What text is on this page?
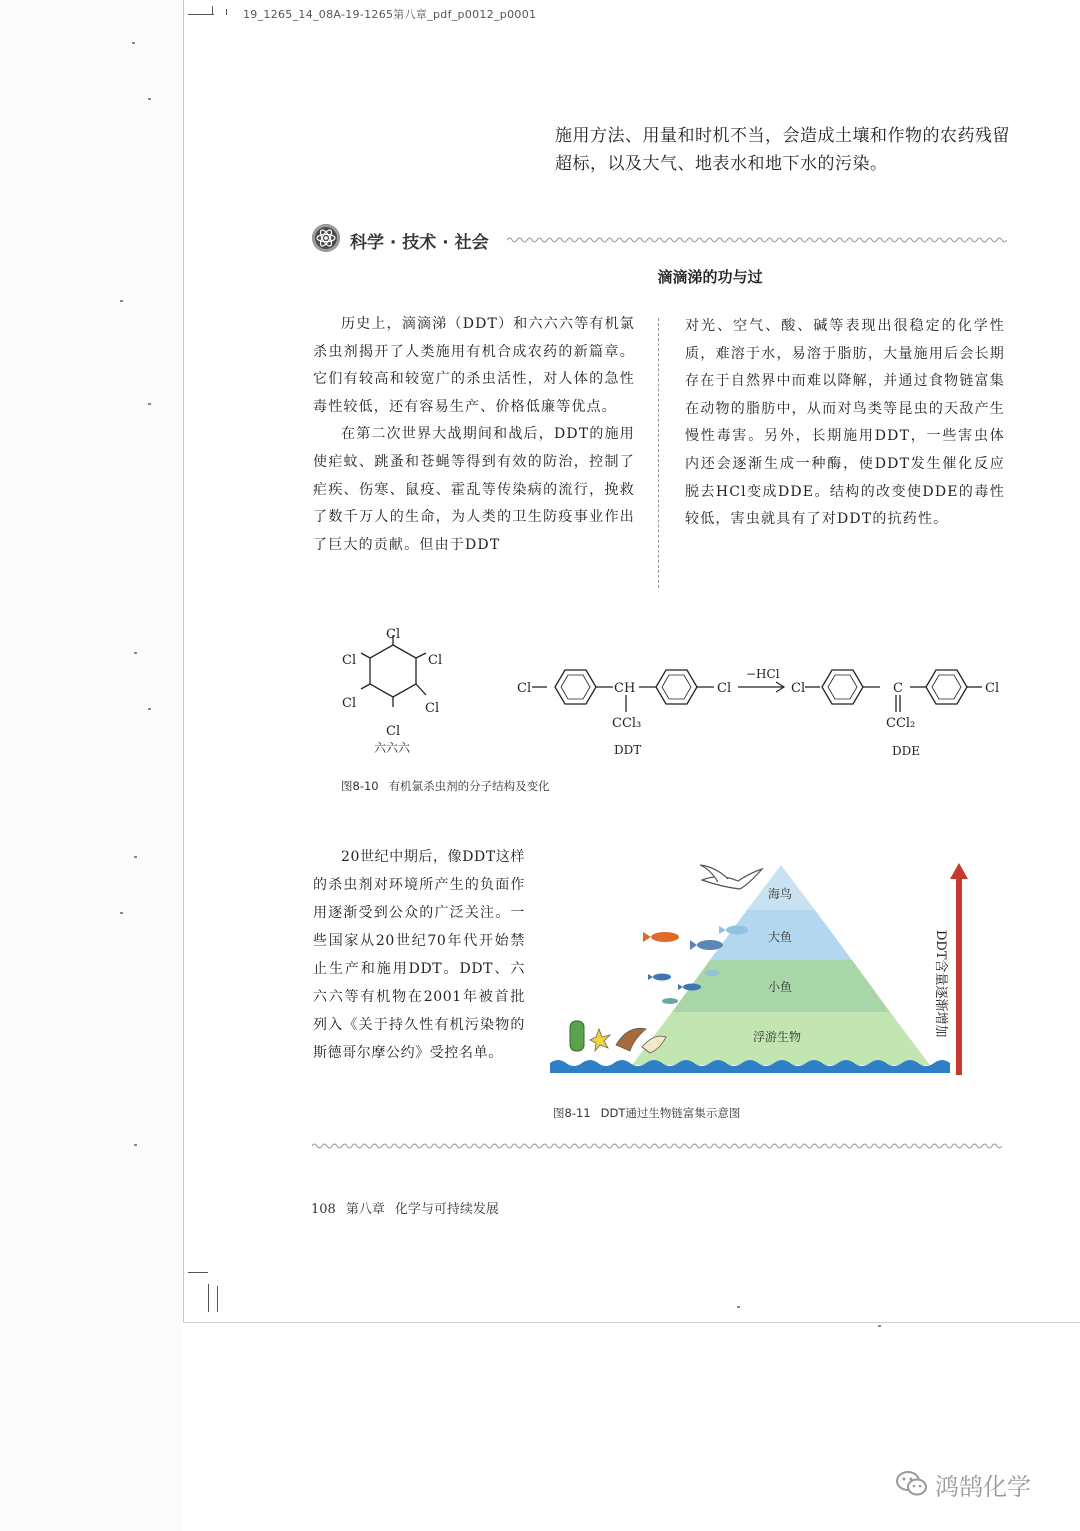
19_1265_14_08A-19-1265第八章_pdf_p0012_p0001
施用方法、用量和时机不当，会造成土壤和作物的农药残留超标，以及大气、地表水和地下水的污染。
科学 · 技术 · 社会
滴滴涕的功与过

历史上，滴滴涕（DDT）和六六六等有机氯杀虫剂揭开了人类施用有机合成农药的新篇章。它们有较高和较宽广的杀虫活性，对人体的急性毒性较低，还有容易生产、价格低廉等优点。

在第二次世界大战期间和战后，DDT的施用使疟蚊、跳蚤和苍蝇等得到有效的防治，控制了疟疾、伤寒、鼠疫、霍乱等传染病的流行，挽救了数千万人的生命，为人类的卫生防疫事业作出了巨大的贡献。但由于DDT

对光、空气、酸、碱等表现出很稳定的化学性质，难溶于水，易溶于脂肪，大量施用后会长期存在于自然界中而难以降解，并通过食物链富集在动物的脂肪中，从而对鸟类等昆虫的天敌产生慢性毒害。另外，长期施用DDT，一些害虫体内还会逐渐生成一种酶，使DDT发生催化反应脱去HCl变成DDE。结构的改变使DDE的毒性较低，害虫就具有了对DDT的抗药性。

Cl
Cl
Cl
Cl
Cl
Cl
六六六
Cl	CH	Cl
CCl₃
DDT
−HCl
Cl	C	Cl
CCl₂
DDE
图8-10 有机氯杀虫剂的分子结构及变化

20世纪中期后，像DDT这样的杀虫剂对环境所产生的负面作用逐渐受到公众的广泛关注。一些国家从20世纪70年代开始禁止生产和施用DDT。DDT、六六六等有机物在2001年被首批列入《关于持久性有机污染物的斯德哥尔摩公约》受控名单。

海鸟
大鱼
小鱼
浮游生物	DDT含量逐渐增加
图8-11 DDT通过生物链富集示意图
108 第八章 化学与可持续发展
鸿鹄化学
